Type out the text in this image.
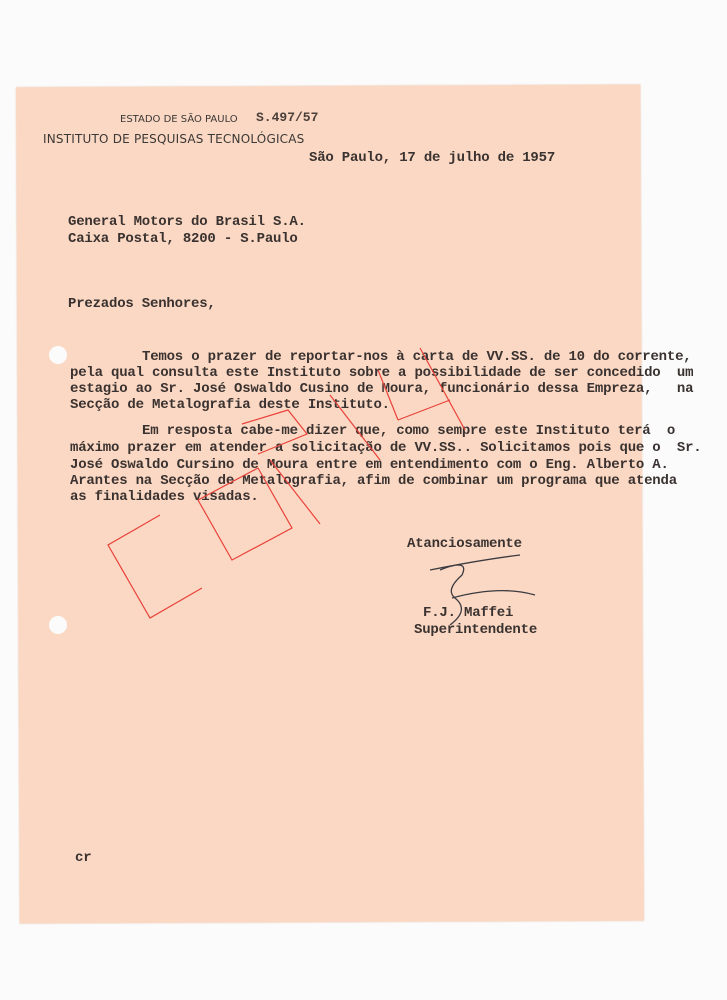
ESTADO DE SÃO PAULO S.497/57
INSTITUTO DE PESQUISAS TECNOLÓGICAS
São Paulo, 17 de julho de 1957
General Motors do Brasil S.A.
Caixa Postal, 8200 - S.Paulo
Prezados Senhores,
Temos o prazer de reportar-nos à carta de VV.SS. de 10 do corrente,
pela qual consulta este Instituto sobre a possibilidade de ser concedido  um
estagio ao Sr. José Oswaldo Cusino de Moura, funcionário dessa Empreza,   na
Secção de Metalografia deste Instituto.
Em resposta cabe-me dizer que, como sempre este Instituto terá  o
máximo prazer em atender a solicitação de VV.SS.. Solicitamos pois que o  Sr.
José Oswaldo Cursino de Moura entre em entendimento com o Eng. Alberto A.
Arantes na Secção de Metalografia, afim de combinar um programa que atenda
as finalidades visadas.
Atanciosamente
F.J. Maffei
Superintendente
cr
